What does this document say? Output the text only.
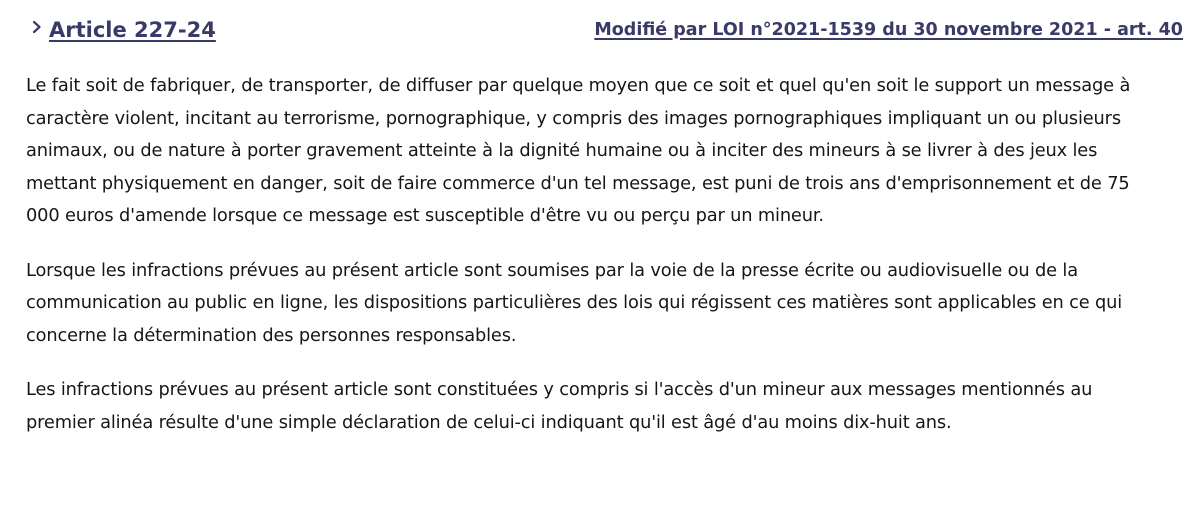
Article 227-24	Modifié par LOI n°2021-1539 du 30 novembre 2021 - art. 40

Le fait soit de fabriquer, de transporter, de diffuser par quelque moyen que ce soit et quel qu'en soit le support un message à caractère violent, incitant au terrorisme, pornographique, y compris des images pornographiques impliquant un ou plusieurs animaux, ou de nature à porter gravement atteinte à la dignité humaine ou à inciter des mineurs à se livrer à des jeux les mettant physiquement en danger, soit de faire commerce d'un tel message, est puni de trois ans d'emprisonnement et de 75 000 euros d'amende lorsque ce message est susceptible d'être vu ou perçu par un mineur.

Lorsque les infractions prévues au présent article sont soumises par la voie de la presse écrite ou audiovisuelle ou de la communication au public en ligne, les dispositions particulières des lois qui régissent ces matières sont applicables en ce qui concerne la détermination des personnes responsables.

Les infractions prévues au présent article sont constituées y compris si l'accès d'un mineur aux messages mentionnés au premier alinéa résulte d'une simple déclaration de celui-ci indiquant qu'il est âgé d'au moins dix-huit ans.
